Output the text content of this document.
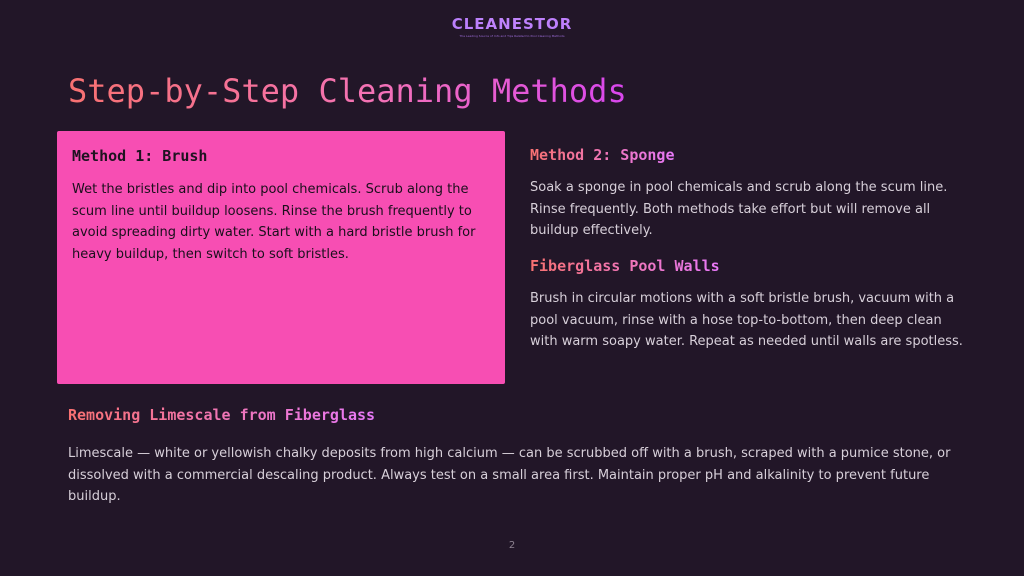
CLEANESTOR
The Leading Source of Info and Tips Related to Pool Cleaning Methods
Step-by-Step Cleaning Methods
Method 1: Brush

Wet the bristles and dip into pool chemicals. Scrub along the scum line until buildup loosens. Rinse the brush frequently to avoid spreading dirty water. Start with a hard bristle brush for heavy buildup, then switch to soft bristles.

Method 2: Sponge

Soak a sponge in pool chemicals and scrub along the scum line. Rinse frequently. Both methods take effort but will remove all buildup effectively.

Fiberglass Pool Walls

Brush in circular motions with a soft bristle brush, vacuum with a pool vacuum, rinse with a hose top-to-bottom, then deep clean with warm soapy water. Repeat as needed until walls are spotless.

Removing Limescale from Fiberglass

Limescale — white or yellowish chalky deposits from high calcium — can be scrubbed off with a brush, scraped with a pumice stone, or dissolved with a commercial descaling product. Always test on a small area first. Maintain proper pH and alkalinity to prevent future buildup.

2
